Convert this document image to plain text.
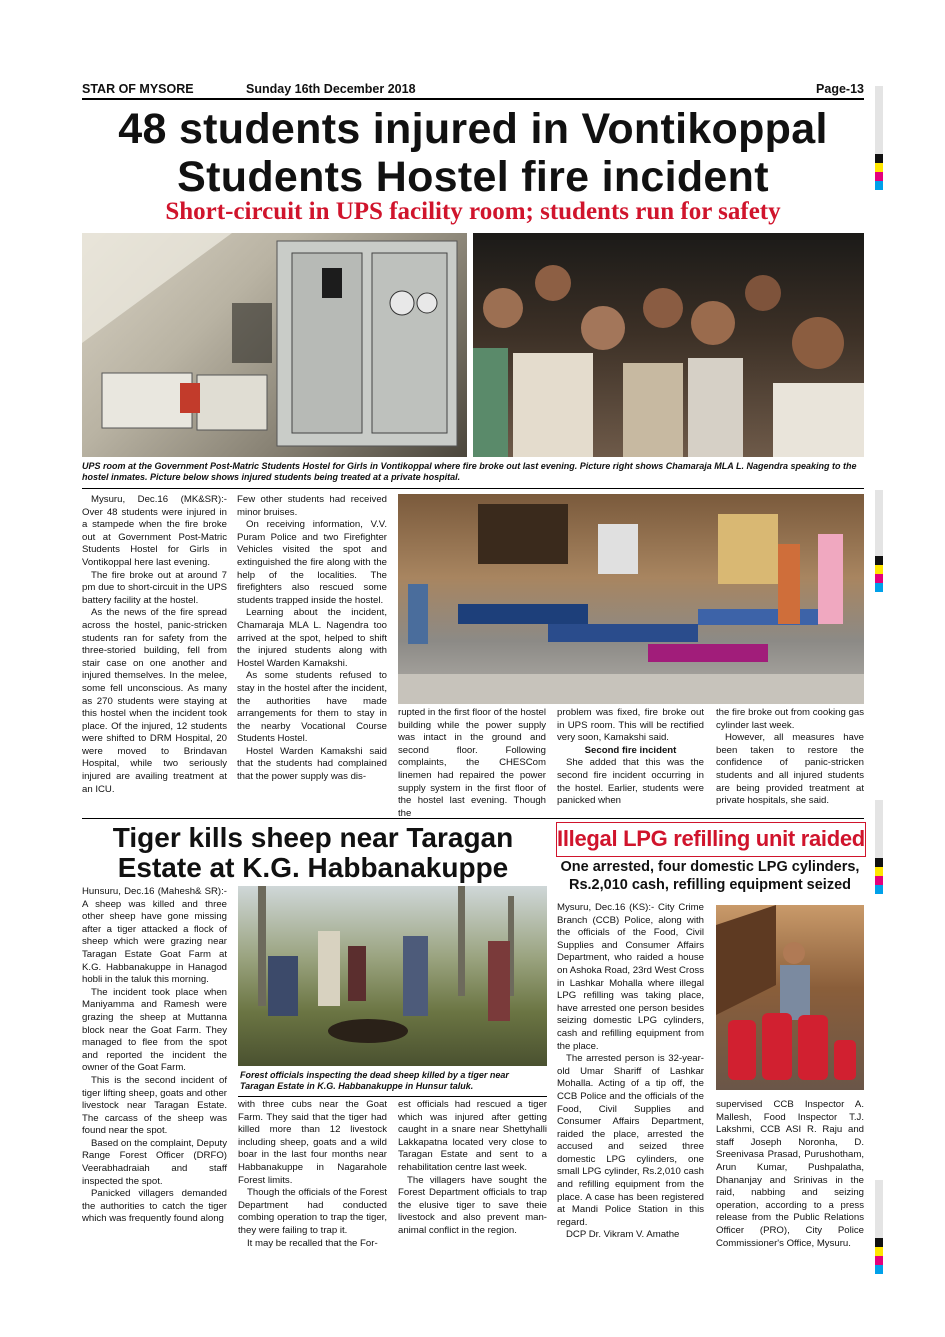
STAR OF MYSORE	Sunday 16th December 2018	Page-13
48 students injured in Vontikoppal
Students Hostel fire incident
Short-circuit in UPS facility room; students run for safety
UPS room at the Government Post-Matric Students Hostel for Girls in Vontikoppal where fire broke out last evening. Picture right shows Chamaraja MLA L. Nagendra speaking to the hostel inmates. Picture below shows injured students being treated at a private hospital.

Mysuru, Dec.16 (MK&SR):- Over 48 students were injured in a stampede when the fire broke out at Government Post-Matric Students Hostel for Girls in Vontikoppal here last evening.

The fire broke out at around 7 pm due to short-circuit in the UPS battery facility at the hostel.

As the news of the fire spread across the hostel, panic-stricken students ran for safety from the three-storied building, fell from stair case on one another and injured themselves. In the melee, some fell unconscious. As many as 270 students were staying at this hostel when the incident took place. Of the injured, 12 students were shifted to DRM Hospital, 20 were moved to Brindavan Hospital, while two seriously injured are availing treatment at an ICU.

Few other students had received minor bruises.

On receiving information, V.V. Puram Police and two Firefighter Vehicles visited the spot and extinguished the fire along with the help of the localities. The firefighters also rescued some students trapped inside the hostel.

Learning about the incident, Chamaraja MLA L. Nagendra too arrived at the spot, helped to shift the injured students along with Hostel Warden Kamakshi.

As some students refused to stay in the hostel after the incident, the authorities have made arrangements for them to stay in the nearby Vocational Course Students Hostel.

Hostel Warden Kamakshi said that the students had complained that the power supply was dis-

rupted in the first floor of the hostel building while the power supply was intact in the ground and second floor. Following complaints, the CHESCom linemen had repaired the power supply system in the first floor of the hostel last evening. Though the

problem was fixed, fire broke out in UPS room. This will be rectified very soon, Kamakshi said.

Second fire incident

She added that this was the second fire incident occurring in the hostel. Earlier, students were panicked when

the fire broke out from cooking gas cylinder last week.

However, all measures have been taken to restore the confidence of panic-stricken students and all injured students are being provided treatment at private hospitals, she said.

Tiger kills sheep near Taragan
Estate at K.G. Habbanakuppe

Hunsuru, Dec.16 (Mahesh& SR):- A sheep was killed and three other sheep have gone missing after a tiger attacked a flock of sheep which were grazing near Taragan Estate Goat Farm at K.G. Habbanakuppe in Hanagod hobli in the taluk this morning.

The incident took place when Maniyamma and Ramesh were grazing the sheep at Muttanna block near the Goat Farm. They managed to flee from the spot and reported the incident the owner of the Goat Farm.

This is the second incident of tiger lifting sheep, goats and other livestock near Taragan Estate. The carcass of the sheep was found near the spot.

Based on the complaint, Deputy Range Forest Officer (DRFO) Veerabhadraiah and staff inspected the spot.

Panicked villagers demanded the authorities to catch the tiger which was frequently found along

Forest officials inspecting the dead sheep killed by a tiger near Taragan Estate in K.G. Habbanakuppe in Hunsur taluk.

with three cubs near the Goat Farm. They said that the tiger had killed more than 12 livestock including sheep, goats and a wild boar in the last four months near Habbanakuppe in Nagarahole Forest limits.

Though the officials of the Forest Department had conducted combing operation to trap the tiger, they were failing to trap it.

It may be recalled that the For-

est officials had rescued a tiger which was injured after getting caught in a snare near Shettyhalli Lakkapatna located very close to Taragan Estate and sent to a rehabilitation centre last week.

The villagers have sought the Forest Department officials to trap the elusive tiger to save theie livestock and also prevent man- animal conflict in the region.

Illegal LPG refilling unit raided
One arrested, four domestic LPG cylinders,
Rs.2,010 cash, refilling equipment seized

Mysuru, Dec.16 (KS):- City Crime Branch (CCB) Police, along with the officials of the Food, Civil Supplies and Consumer Affairs Department, who raided a house on Ashoka Road, 23rd West Cross in Lashkar Mohalla where illegal LPG refilling was taking place, have arrested one person besides seizing domestic LPG cylinders, cash and refilling equipment from the place.

The arrested person is 32-year-old Umar Shariff of Lashkar Mohalla. Acting of a tip off, the CCB Police and the officials of the Food, Civil Supplies and Consumer Affairs Department, raided the place, arrested the accused and seized three domestic LPG cylinders, one small LPG cylinder, Rs.2,010 cash and refilling equipment from the place. A case has been registered at Mandi Police Station in this regard.

DCP Dr. Vikram V. Amathe

supervised CCB Inspector A. Mallesh, Food Inspector T.J. Lakshmi, CCB ASI R. Raju and staff Joseph Noronha, D. Sreenivasa Prasad, Purushotham, Arun Kumar, Pushpalatha, Dhananjay and Srinivas in the raid, nabbing and seizing operation, according to a press release from the Public Relations Officer (PRO), City Police Commissioner's Office, Mysuru.
